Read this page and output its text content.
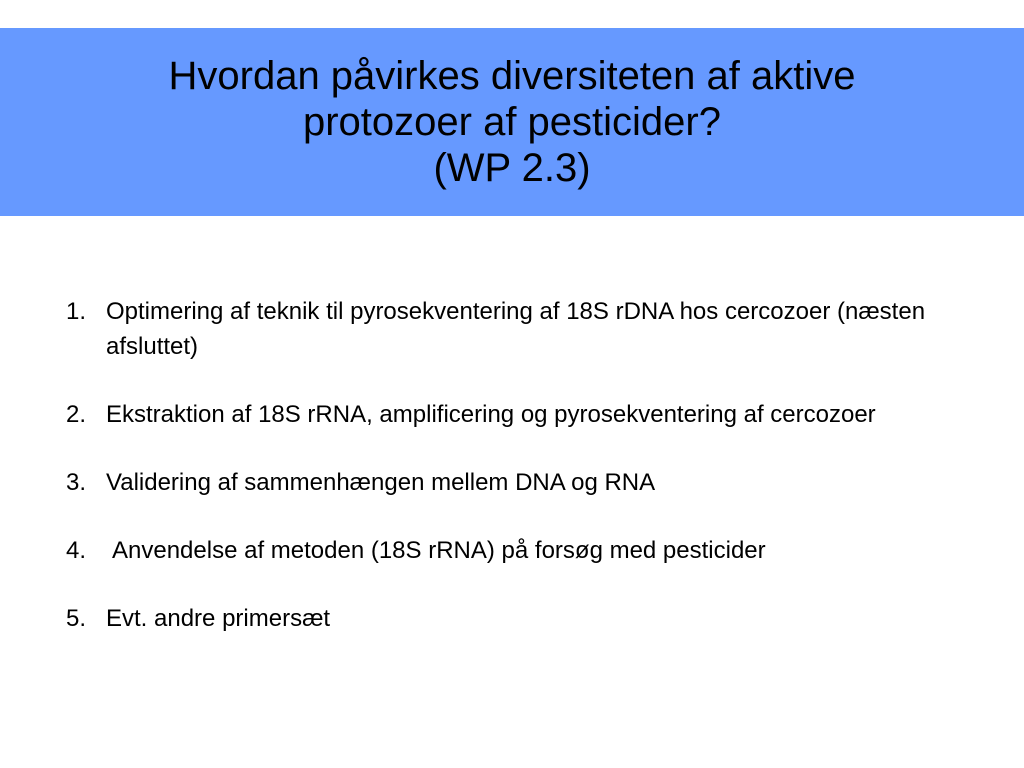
Hvordan påvirkes diversiteten af aktive
protozoer af pesticider?
(WP 2.3)
1. Optimering af teknik til pyrosekventering af 18S rDNA hos cercozoer (næsten afsluttet)
2. Ekstraktion af 18S rRNA, amplificering og pyrosekventering af cercozoer
3. Validering af sammenhængen mellem DNA og RNA
4. Anvendelse af metoden (18S rRNA) på forsøg med pesticider
5. Evt. andre primersæt
